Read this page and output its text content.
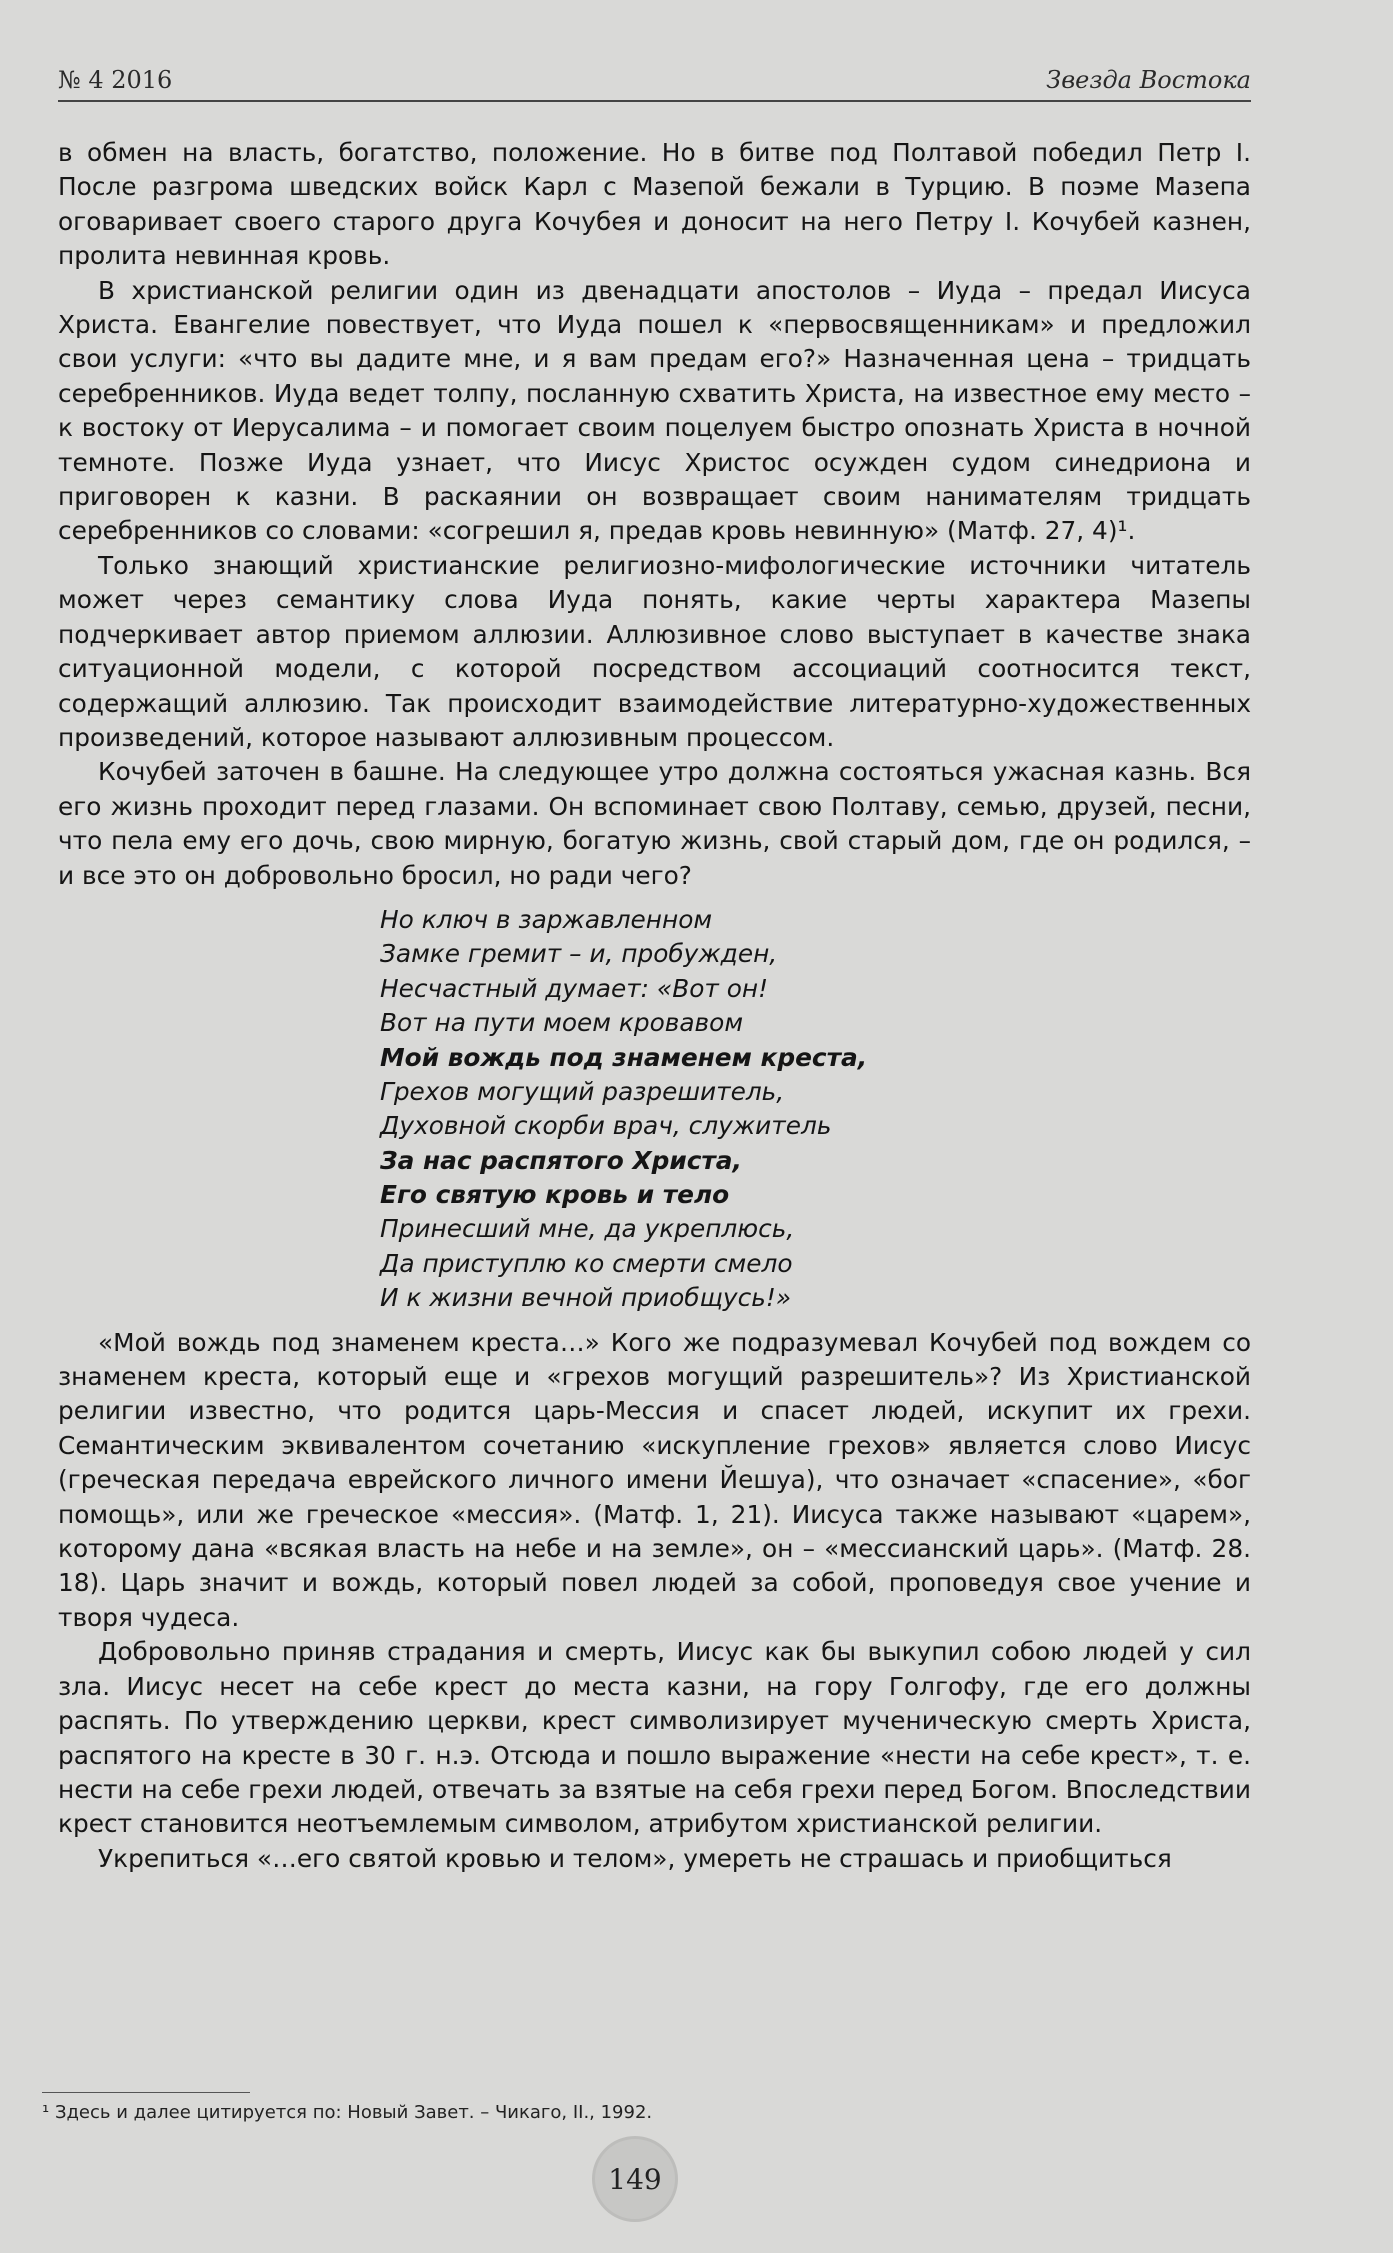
№ 4 2016	Звезда Востока

в обмен на власть, богатство, положение. Но в битве под Полтавой победил Петр I. После разгрома шведских войск Карл с Мазепой бежали в Турцию. В поэме Мазепа оговаривает своего старого друга Кочубея и доносит на него Петру I. Кочубей казнен, пролита невинная кровь.

В христианской религии один из двенадцати апостолов – Иуда – предал Иисуса Христа. Евангелие повествует, что Иуда пошел к «первосвященникам» и предложил свои услуги: «что вы дадите мне, и я вам предам его?» Назначенная цена – тридцать серебренников. Иуда ведет толпу, посланную схватить Христа, на известное ему место – к востоку от Иерусалима – и помогает своим поцелуем быстро опознать Христа в ночной темноте. Позже Иуда узнает, что Иисус Христос осужден судом синедриона и приговорен к казни. В раскаянии он возвращает своим нанимателям тридцать серебренников со словами: «согрешил я, предав кровь невинную» (Матф. 27, 4)¹.

Только знающий христианские религиозно-мифологические источники читатель может через семантику слова Иуда понять, какие черты характера Мазепы подчеркивает автор приемом аллюзии. Аллюзивное слово выступает в качестве знака ситуационной модели, с которой посредством ассоциаций соотносится текст, содержащий аллюзию. Так происходит взаимодействие литературно-художественных произведений, которое называют аллюзивным процессом.

Кочубей заточен в башне. На следующее утро должна состояться ужасная казнь. Вся его жизнь проходит перед глазами. Он вспоминает свою Полтаву, семью, друзей, песни, что пела ему его дочь, свою мирную, богатую жизнь, свой старый дом, где он родился, – и все это он добровольно бросил, но ради чего?

Но ключ в заржавленном
Замке гремит – и, пробужден,
Несчастный думает: «Вот он!
Вот на пути моем кровавом
Мой вождь под знаменем креста,
Грехов могущий разрешитель,
Духовной скорби врач, служитель
За нас распятого Христа,
Его святую кровь и тело
Принесший мне, да укреплюсь,
Да приступлю ко смерти смело
И к жизни вечной приобщусь!»

«Мой вождь под знаменем креста…» Кого же подразумевал Кочубей под вождем со знаменем креста, который еще и «грехов могущий разрешитель»? Из Христианской религии известно, что родится царь-Мессия и спасет людей, искупит их грехи. Семантическим эквивалентом сочетанию «искупление грехов» является слово Иисус (греческая передача еврейского личного имени Йешуа), что означает «спасение», «бог помощь», или же греческое «мессия». (Матф. 1, 21). Иисуса также называют «царем», которому дана «всякая власть на небе и на земле», он – «мессианский царь». (Матф. 28. 18). Царь значит и вождь, который повел людей за собой, проповедуя свое учение и творя чудеса.

Добровольно приняв страдания и смерть, Иисус как бы выкупил собою людей у сил зла. Иисус несет на себе крест до места казни, на гору Голгофу, где его должны распять. По утверждению церкви, крест символизирует мученическую смерть Христа, распятого на кресте в 30 г. н.э. Отсюда и пошло выражение «нести на себе крест», т. е. нести на себе грехи людей, отвечать за взятые на себя грехи перед Богом. Впоследствии крест становится неотъемлемым символом, атрибутом христианской религии.

Укрепиться «…его святой кровью и телом», умереть не страшась и приобщиться

¹ Здесь и далее цитируется по: Новый Завет. – Чикаго, II., 1992.
149
